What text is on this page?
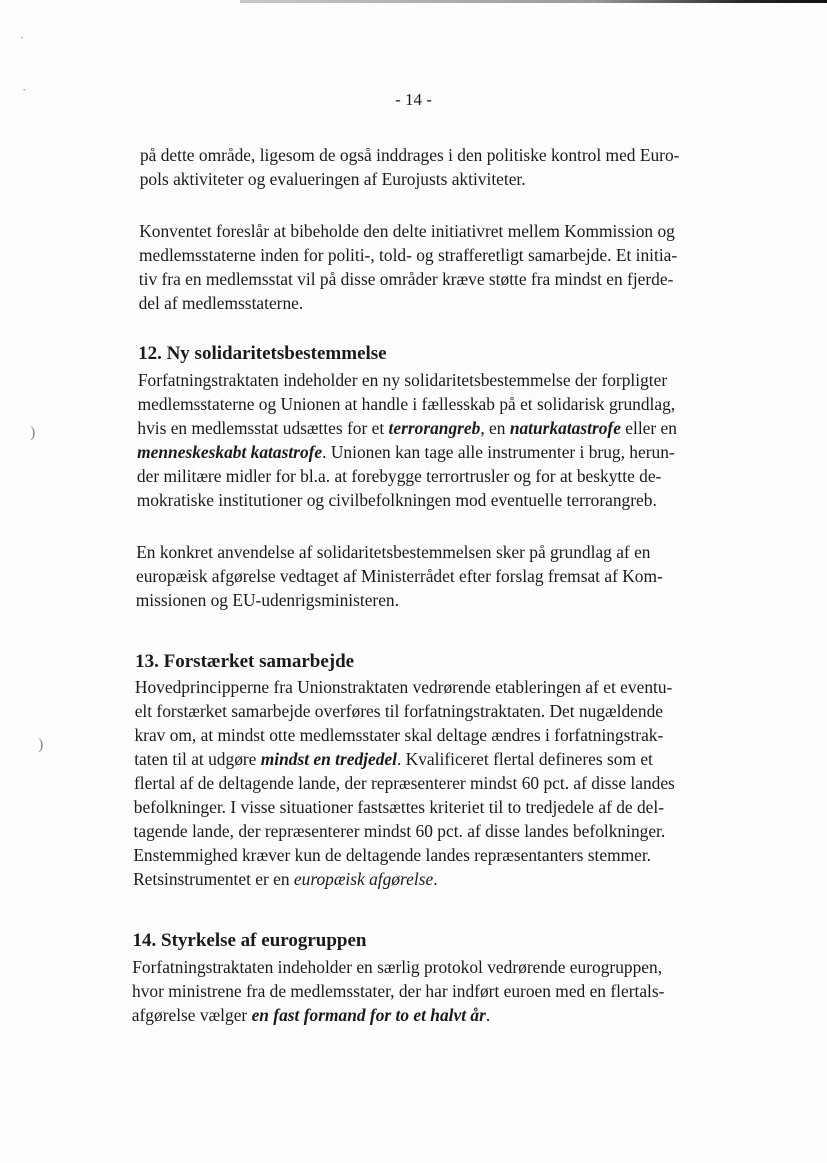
·
·
)
)
- 14 -
på dette område, ligesom de også inddrages i den politiske kontrol med Euro-
pols aktiviteter og evalueringen af Eurojusts aktiviteter.
Konventet foreslår at bibeholde den delte initiativret mellem Kommission og
medlemsstaterne inden for politi-, told- og strafferetligt samarbejde. Et initia-
tiv fra en medlemsstat vil på disse områder kræve støtte fra mindst en fjerde-
del af medlemsstaterne.
12. Ny solidaritetsbestemmelse
Forfatningstraktaten indeholder en ny solidaritetsbestemmelse der forpligter
medlemsstaterne og Unionen at handle i fællesskab på et solidarisk grundlag,
hvis en medlemsstat udsættes for et terrorangreb, en naturkatastrofe eller en
menneskeskabt katastrofe. Unionen kan tage alle instrumenter i brug, herun-
der militære midler for bl.a. at forebygge terrortrusler og for at beskytte de-
mokratiske institutioner og civilbefolkningen mod eventuelle terrorangreb.
En konkret anvendelse af solidaritetsbestemmelsen sker på grundlag af en
europæisk afgørelse vedtaget af Ministerrådet efter forslag fremsat af Kom-
missionen og EU-udenrigsministeren.
13. Forstærket samarbejde
Hovedprincipperne fra Unionstraktaten vedrørende etableringen af et eventu-
elt forstærket samarbejde overføres til forfatningstraktaten. Det nugældende
krav om, at mindst otte medlemsstater skal deltage ændres i forfatningstrak-
taten til at udgøre mindst en tredjedel. Kvalificeret flertal defineres som et
flertal af de deltagende lande, der repræsenterer mindst 60 pct. af disse landes
befolkninger. I visse situationer fastsættes kriteriet til to tredjedele af de del-
tagende lande, der repræsenterer mindst 60 pct. af disse landes befolkninger.
Enstemmighed kræver kun de deltagende landes repræsentanters stemmer.
Retsinstrumentet er en europæisk afgørelse.
14. Styrkelse af eurogruppen
Forfatningstraktaten indeholder en særlig protokol vedrørende eurogruppen,
hvor ministrene fra de medlemsstater, der har indført euroen med en flertals-
afgørelse vælger en fast formand for to et halvt år.
